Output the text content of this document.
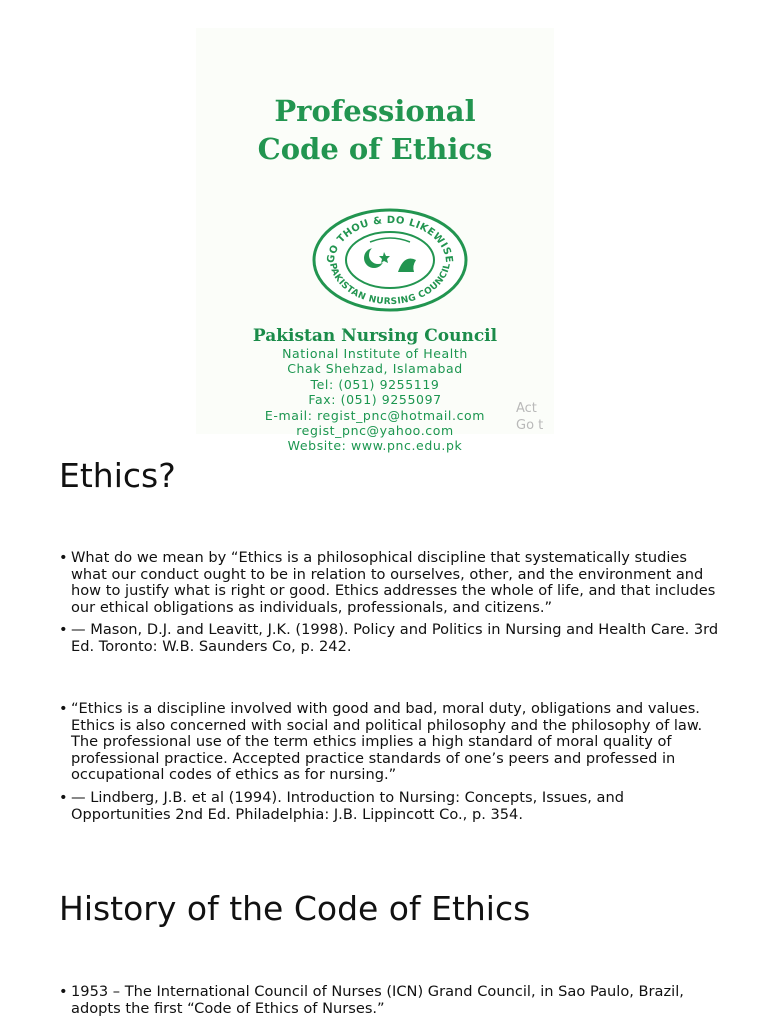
Professional
Code of Ethics
GO THOU & DO LIKEWISE
PAKISTAN NURSING COUNCIL
Pakistan Nursing Council
National Institute of Health
Chak Shehzad, Islamabad
Tel: (051) 9255119
Fax: (051) 9255097
E-mail: regist_pnc@hotmail.com
regist_pnc@yahoo.com
Website: www.pnc.edu.pk
Act
Go t
Ethics?
• What do we mean by “Ethics is a philosophical discipline that systematically studies what our conduct ought to be in relation to ourselves, other, and the environment and how to justify what is right or good. Ethics addresses the whole of life, and that includes our ethical obligations as individuals, professionals, and citizens.”
• — Mason, D.J. and Leavitt, J.K. (1998). Policy and Politics in Nursing and Health Care. 3rd Ed. Toronto: W.B. Saunders Co, p. 242.
• “Ethics is a discipline involved with good and bad, moral duty, obligations and values. Ethics is also concerned with social and political philosophy and the philosophy of law. The professional use of the term ethics implies a high standard of moral quality of professional practice. Accepted practice standards of one’s peers and professed in occupational codes of ethics as for nursing.”
• — Lindberg, J.B. et al (1994). Introduction to Nursing: Concepts, Issues, and Opportunities 2nd Ed. Philadelphia: J.B. Lippincott Co., p. 354.
History of the Code of Ethics
• 1953 – The International Council of Nurses (ICN) Grand Council, in Sao Paulo, Brazil, adopts the first “Code of Ethics of Nurses.”
